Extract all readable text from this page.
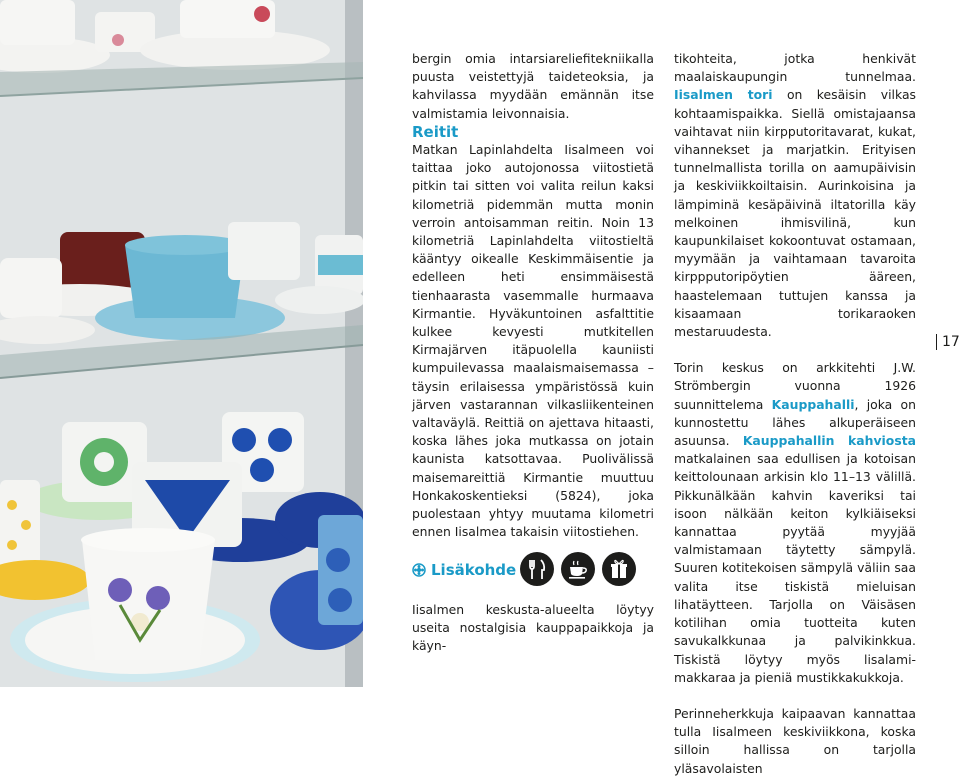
bergin omia intarsiareliefitekniikalla puusta veistettyjä taideteoksia, ja kahvilassa myydään emännän itse valmistamia leivonnaisia.

Reitit

Matkan Lapinlahdelta Iisalmeen voi taittaa joko autojonossa viitostietä pitkin tai sitten voi valita reilun kaksi kilometriä pidemmän mutta monin verroin antoisamman reitin. Noin 13 kilometriä Lapinlahdelta viitostieltä kääntyy oikealle Keskimmäisentie ja edelleen heti ensimmäisestä tienhaarasta vasemmalle hurmaava Kirmantie. Hyväkuntoinen asfalttitie kulkee kevyesti mutkitellen Kirmajärven itäpuolella kauniisti kumpuilevassa maalaismaisemassa – täysin erilaisessa ympäristössä kuin järven vastarannan vilkasliikenteinen valtaväylä. Reittiä on ajettava hitaasti, koska lähes joka mutkassa on jotain kaunista katsottavaa. Puolivälissä maisemareittiä Kirmantie muuttuu Honkakoskentieksi (5824), joka puolestaan yhtyy muutama kilometri ennen Iisalmea takaisin viitostiehen.

Lisäkohde

Iisalmen keskusta-alueelta löytyy useita nostalgisia kauppapaikkoja ja käyn-

tikohteita, jotka henkivät maalaiskaupungin tunnelmaa. Iisalmen tori on kesäisin vilkas kohtaamispaikka. Siellä omistajaansa vaihtavat niin kirpputoritavarat, kukat, vihannekset ja marjatkin. Erityisen tunnelmallista torilla on aamupäivisin ja keskiviikkoiltaisin. Aurinkoisina ja lämpiminä kesäpäivinä iltatorilla käy melkoinen ihmisvilinä, kun kaupunkilaiset kokoontuvat ostamaan, myymään ja vaihtamaan tavaroita kirppputoripöytien ääreen, haastelemaan tuttujen kanssa ja kisaamaan torikaraoken mestaruudesta.

Torin keskus on arkkitehti J.W. Strömbergin vuonna 1926 suunnittelema Kauppahalli, joka on kunnostettu lähes alkuperäiseen asuunsa. Kauppahallin kahviosta matkalainen saa edullisen ja kotoisan keittolounaan arkisin klo 11–13 välillä. Pikkunälkään kahvin kaveriksi tai isoon nälkään keiton kylkiäiseksi kannattaa pyytää myyjää valmistamaan täytetty sämpylä. Suuren kotitekoisen sämpylä väliin saa valita itse tiskistä mieluisan lihatäytteen. Tarjolla on Väisäsen kotilihan omia tuotteita kuten savukalkkunaa ja palvikinkkua. Tiskistä löytyy myös lisalami-makkaraa ja pieniä mustikkakukkoja.

Perinneherkkuja kaipaavan kannattaa tulla Iisalmeen keskiviikkona, koska silloin hallissa on tarjolla yläsavolaisten

17
